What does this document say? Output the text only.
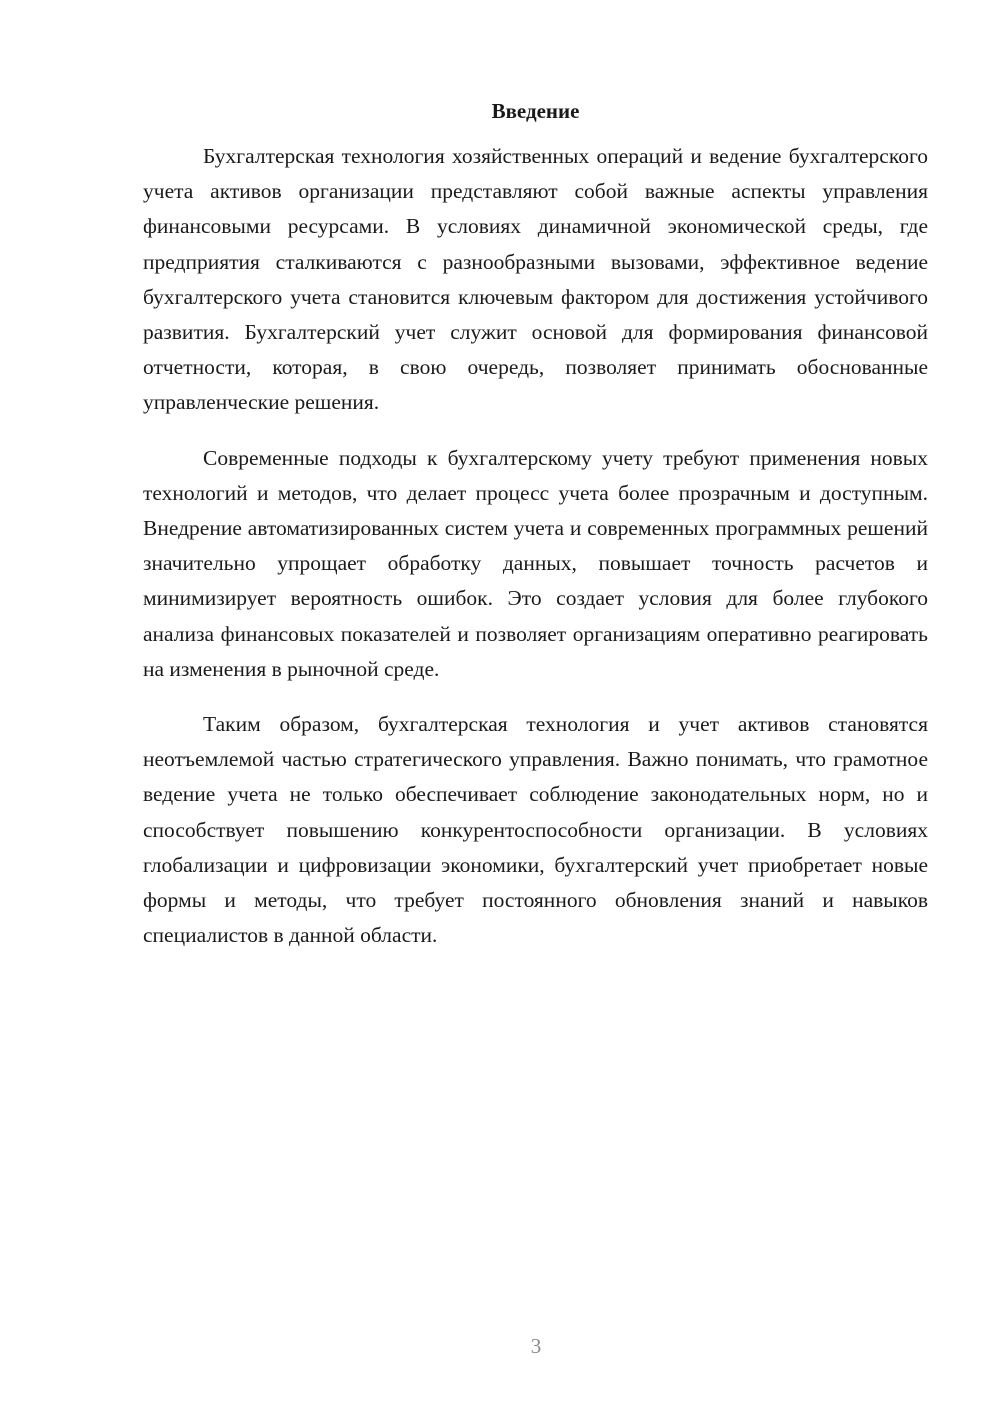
Введение

Бухгалтерская технология хозяйственных операций и ведение бухгалтерского учета активов организации представляют собой важные аспекты управления финансовыми ресурсами. В условиях динамичной экономической среды, где предприятия сталкиваются с разнообразными вызовами, эффективное ведение бухгалтерского учета становится ключевым фактором для достижения устойчивого развития. Бухгалтерский учет служит основой для формирования финансовой отчетности, которая, в свою очередь, позволяет принимать обоснованные управленческие решения.

Современные подходы к бухгалтерскому учету требуют применения новых технологий и методов, что делает процесс учета более прозрачным и доступным. Внедрение автоматизированных систем учета и современных программных решений значительно упрощает обработку данных, повышает точность расчетов и минимизирует вероятность ошибок. Это создает условия для более глубокого анализа финансовых показателей и позволяет организациям оперативно реагировать на изменения в рыночной среде.

Таким образом, бухгалтерская технология и учет активов становятся неотъемлемой частью стратегического управления. Важно понимать, что грамотное ведение учета не только обеспечивает соблюдение законодательных норм, но и способствует повышению конкурентоспособности организации. В условиях глобализации и цифровизации экономики, бухгалтерский учет приобретает новые формы и методы, что требует постоянного обновления знаний и навыков специалистов в данной области.

3
